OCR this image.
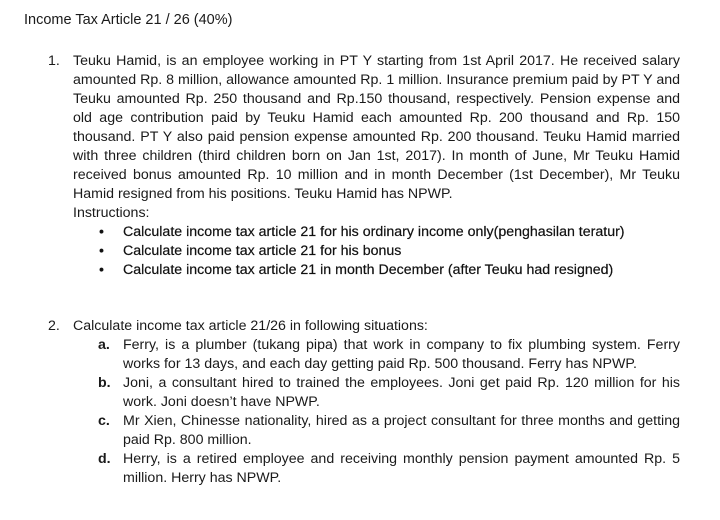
Income Tax Article 21 / 26 (40%)
1. Teuku Hamid, is an employee working in PT Y starting from 1st April 2017. He received salary amounted Rp. 8 million, allowance amounted Rp. 1 million. Insurance premium paid by PT Y and Teuku amounted Rp. 250 thousand and Rp.150 thousand, respectively. Pension expense and old age contribution paid by Teuku Hamid each amounted Rp. 200 thousand and Rp. 150 thousand. PT Y also paid pension expense amounted Rp. 200 thousand. Teuku Hamid married with three children (third children born on Jan 1st, 2017). In month of June, Mr Teuku Hamid received bonus amounted Rp. 10 million and in month December (1st December), Mr Teuku Hamid resigned from his positions. Teuku Hamid has NPWP.

Instructions:

• Calculate income tax article 21 for his ordinary income only(penghasilan teratur)
• Calculate income tax article 21 for his bonus
• Calculate income tax article 21 in month December (after Teuku had resigned)
2. Calculate income tax article 21/26 in following situations:

a. Ferry, is a plumber (tukang pipa) that work in company to fix plumbing system. Ferry works for 13 days, and each day getting paid Rp. 500 thousand. Ferry has NPWP.
b. Joni, a consultant hired to trained the employees. Joni get paid Rp. 120 million for his work. Joni doesn’t have NPWP.
c. Mr Xien, Chinesse nationality, hired as a project consultant for three months and getting paid Rp. 800 million.
d. Herry, is a retired employee and receiving monthly pension payment amounted Rp. 5 million. Herry has NPWP.
